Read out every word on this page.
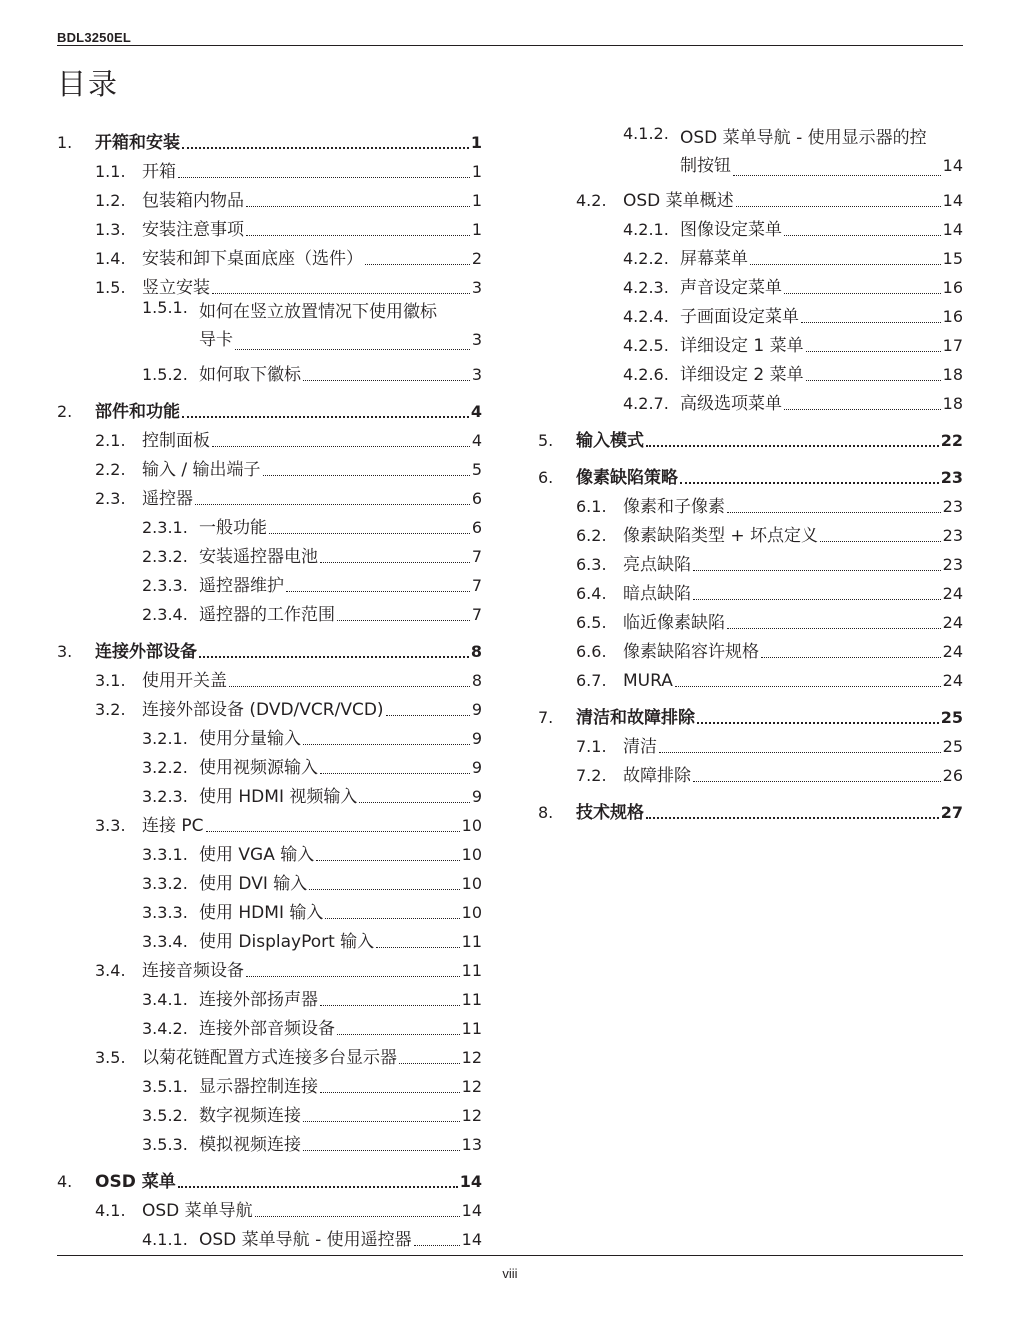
BDL3250EL
目录
1.	开箱和安装	1
1.1. 开箱	1
1.2. 包装箱内物品	1
1.3. 安装注意事项	1
1.4. 安装和卸下桌面底座（选件）	2
1.5. 竖立安装	3
1.5.1. 如何在竖立放置情况下使用徽标
导卡	3
1.5.2. 如何取下徽标	3
2.	部件和功能	4
2.1. 控制面板	4
2.2. 输入 / 输出端子	5
2.3. 遥控器	6
2.3.1. 一般功能	6
2.3.2. 安装遥控器电池	7
2.3.3. 遥控器维护	7
2.3.4. 遥控器的工作范围	7
3.	连接外部设备	8
3.1. 使用开关盖	8
3.2. 连接外部设备 (DVD/VCR/VCD)	9
3.2.1. 使用分量输入	9
3.2.2. 使用视频源输入	9
3.2.3. 使用 HDMI 视频输入	9
3.3. 连接 PC	10
3.3.1. 使用 VGA 输入	10
3.3.2. 使用 DVI 输入	10
3.3.3. 使用 HDMI 输入	10
3.3.4. 使用 DisplayPort 输入	11
3.4. 连接音频设备	11
3.4.1. 连接外部扬声器	11
3.4.2. 连接外部音频设备	11
3.5. 以菊花链配置方式连接多台显示器	12
3.5.1. 显示器控制连接	12
3.5.2. 数字视频连接	12
3.5.3. 模拟视频连接	13
4.	OSD 菜单	14
4.1. OSD 菜单导航	14
4.1.1. OSD 菜单导航 - 使用遥控器	14
4.1.2. OSD 菜单导航 - 使用显示器的控
制按钮	14
4.2. OSD 菜单概述	14
4.2.1. 图像设定菜单	14
4.2.2. 屏幕菜单	15
4.2.3. 声音设定菜单	16
4.2.4. 子画面设定菜单	16
4.2.5. 详细设定 1 菜单	17
4.2.6. 详细设定 2 菜单	18
4.2.7. 高级选项菜单	18
5.	输入模式	22
6.	像素缺陷策略	23
6.1. 像素和子像素	23
6.2. 像素缺陷类型 + 坏点定义	23
6.3. 亮点缺陷	23
6.4. 暗点缺陷	24
6.5. 临近像素缺陷	24
6.6. 像素缺陷容许规格	24
6.7. MURA	24
7.	清洁和故障排除	25
7.1. 清洁	25
7.2. 故障排除	26
8.	技术规格	27
viii
